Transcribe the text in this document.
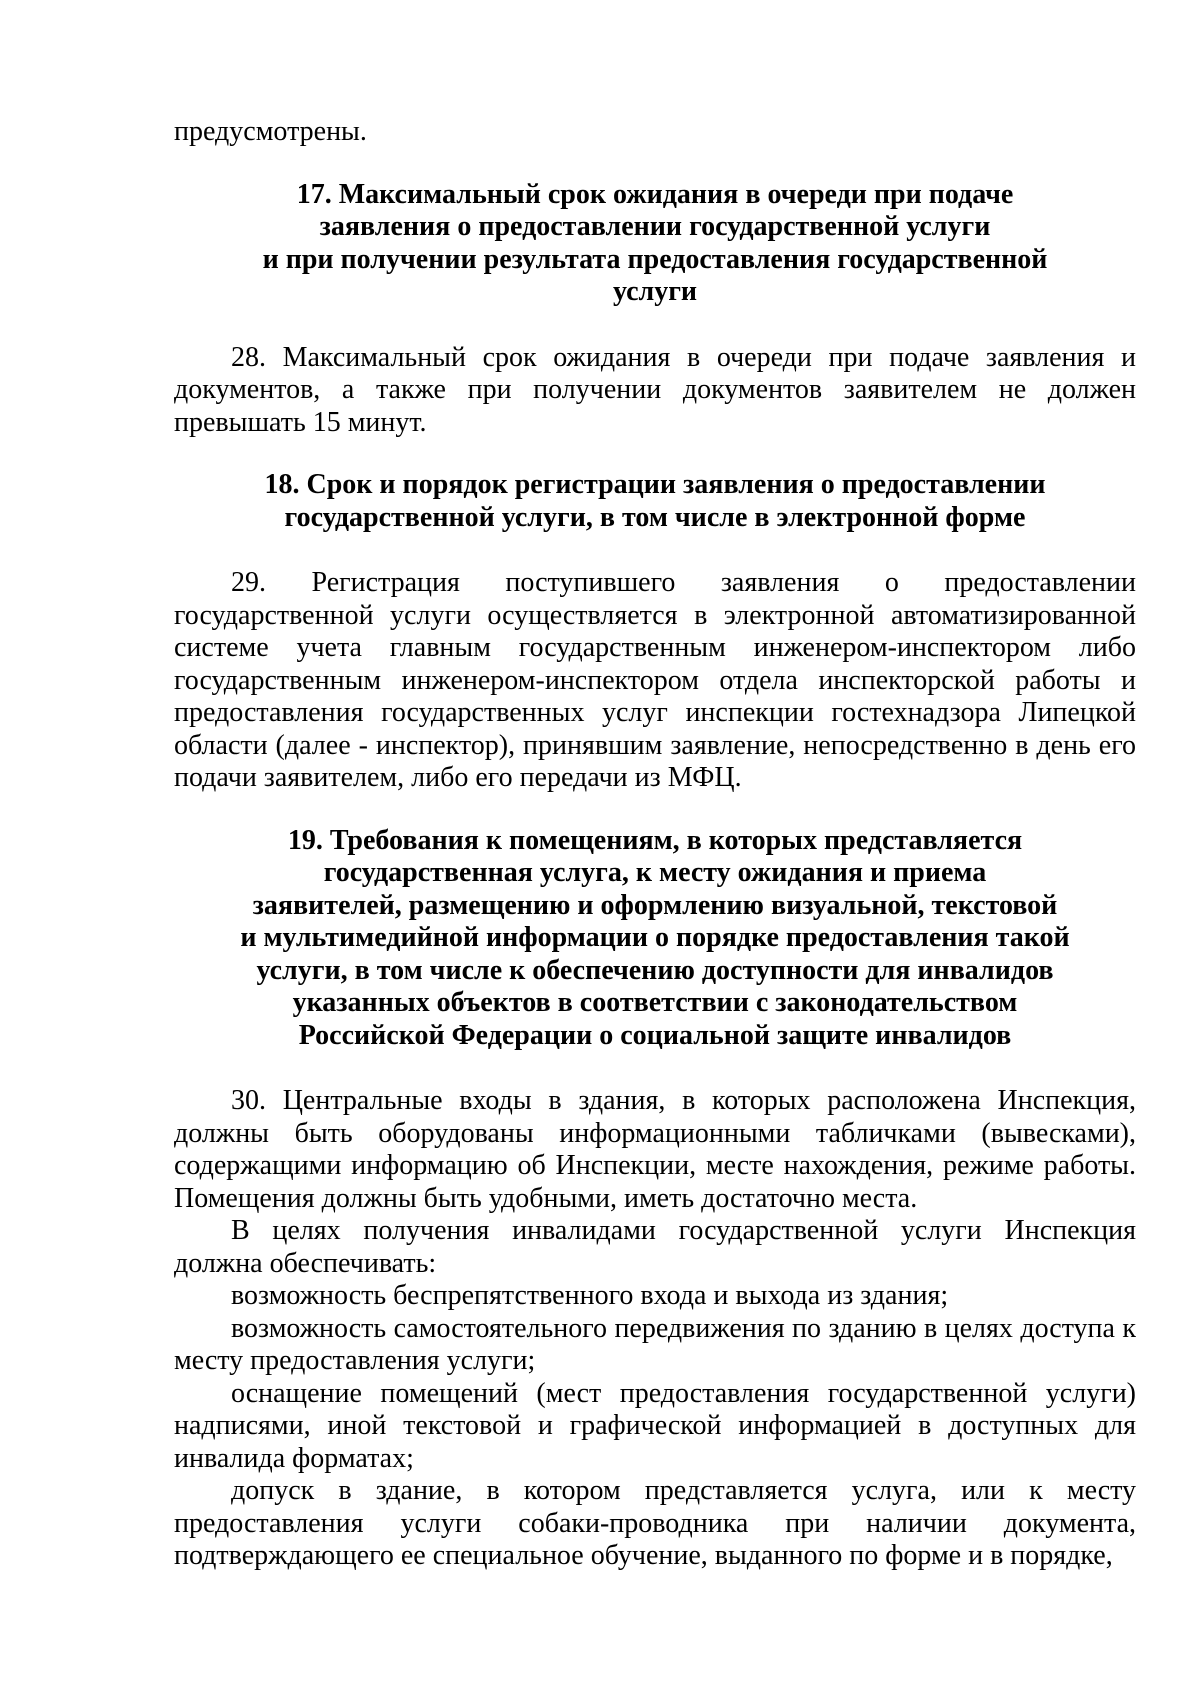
предусмотрены.

17. Максимальный срок ожидания в очереди при подаче
заявления о предоставлении государственной услуги
и при получении результата предоставления государственной
услуги

28. Максимальный срок ожидания в очереди при подаче заявления и документов, а также при получении документов заявителем не должен превышать 15 минут.

18. Срок и порядок регистрации заявления о предоставлении
государственной услуги, в том числе в электронной форме

29. Регистрация поступившего заявления о предоставлении государственной услуги осуществляется в электронной автоматизированной системе учета главным государственным инженером-инспектором либо государственным инженером-инспектором отдела инспекторской работы и предоставления государственных услуг инспекции гостехнадзора Липецкой области (далее - инспектор), принявшим заявление, непосредственно в день его подачи заявителем, либо его передачи из МФЦ.

19. Требования к помещениям, в которых представляется
государственная услуга, к месту ожидания и приема
заявителей, размещению и оформлению визуальной, текстовой
и мультимедийной информации о порядке предоставления такой
услуги, в том числе к обеспечению доступности для инвалидов
указанных объектов в соответствии с законодательством
Российской Федерации о социальной защите инвалидов

30. Центральные входы в здания, в которых расположена Инспекция, должны быть оборудованы информационными табличками (вывесками), содержащими информацию об Инспекции, месте нахождения, режиме работы. Помещения должны быть удобными, иметь достаточно места.

В целях получения инвалидами государственной услуги Инспекция должна обеспечивать:

возможность беспрепятственного входа и выхода из здания;

возможность самостоятельного передвижения по зданию в целях доступа к месту предоставления услуги;

оснащение помещений (мест предоставления государственной услуги) надписями, иной текстовой и графической информацией в доступных для инвалида форматах;

допуск в здание, в котором представляется услуга, или к месту предоставления услуги собаки-проводника при наличии документа, подтверждающего ее специальное обучение, выданного по форме и в порядке,
